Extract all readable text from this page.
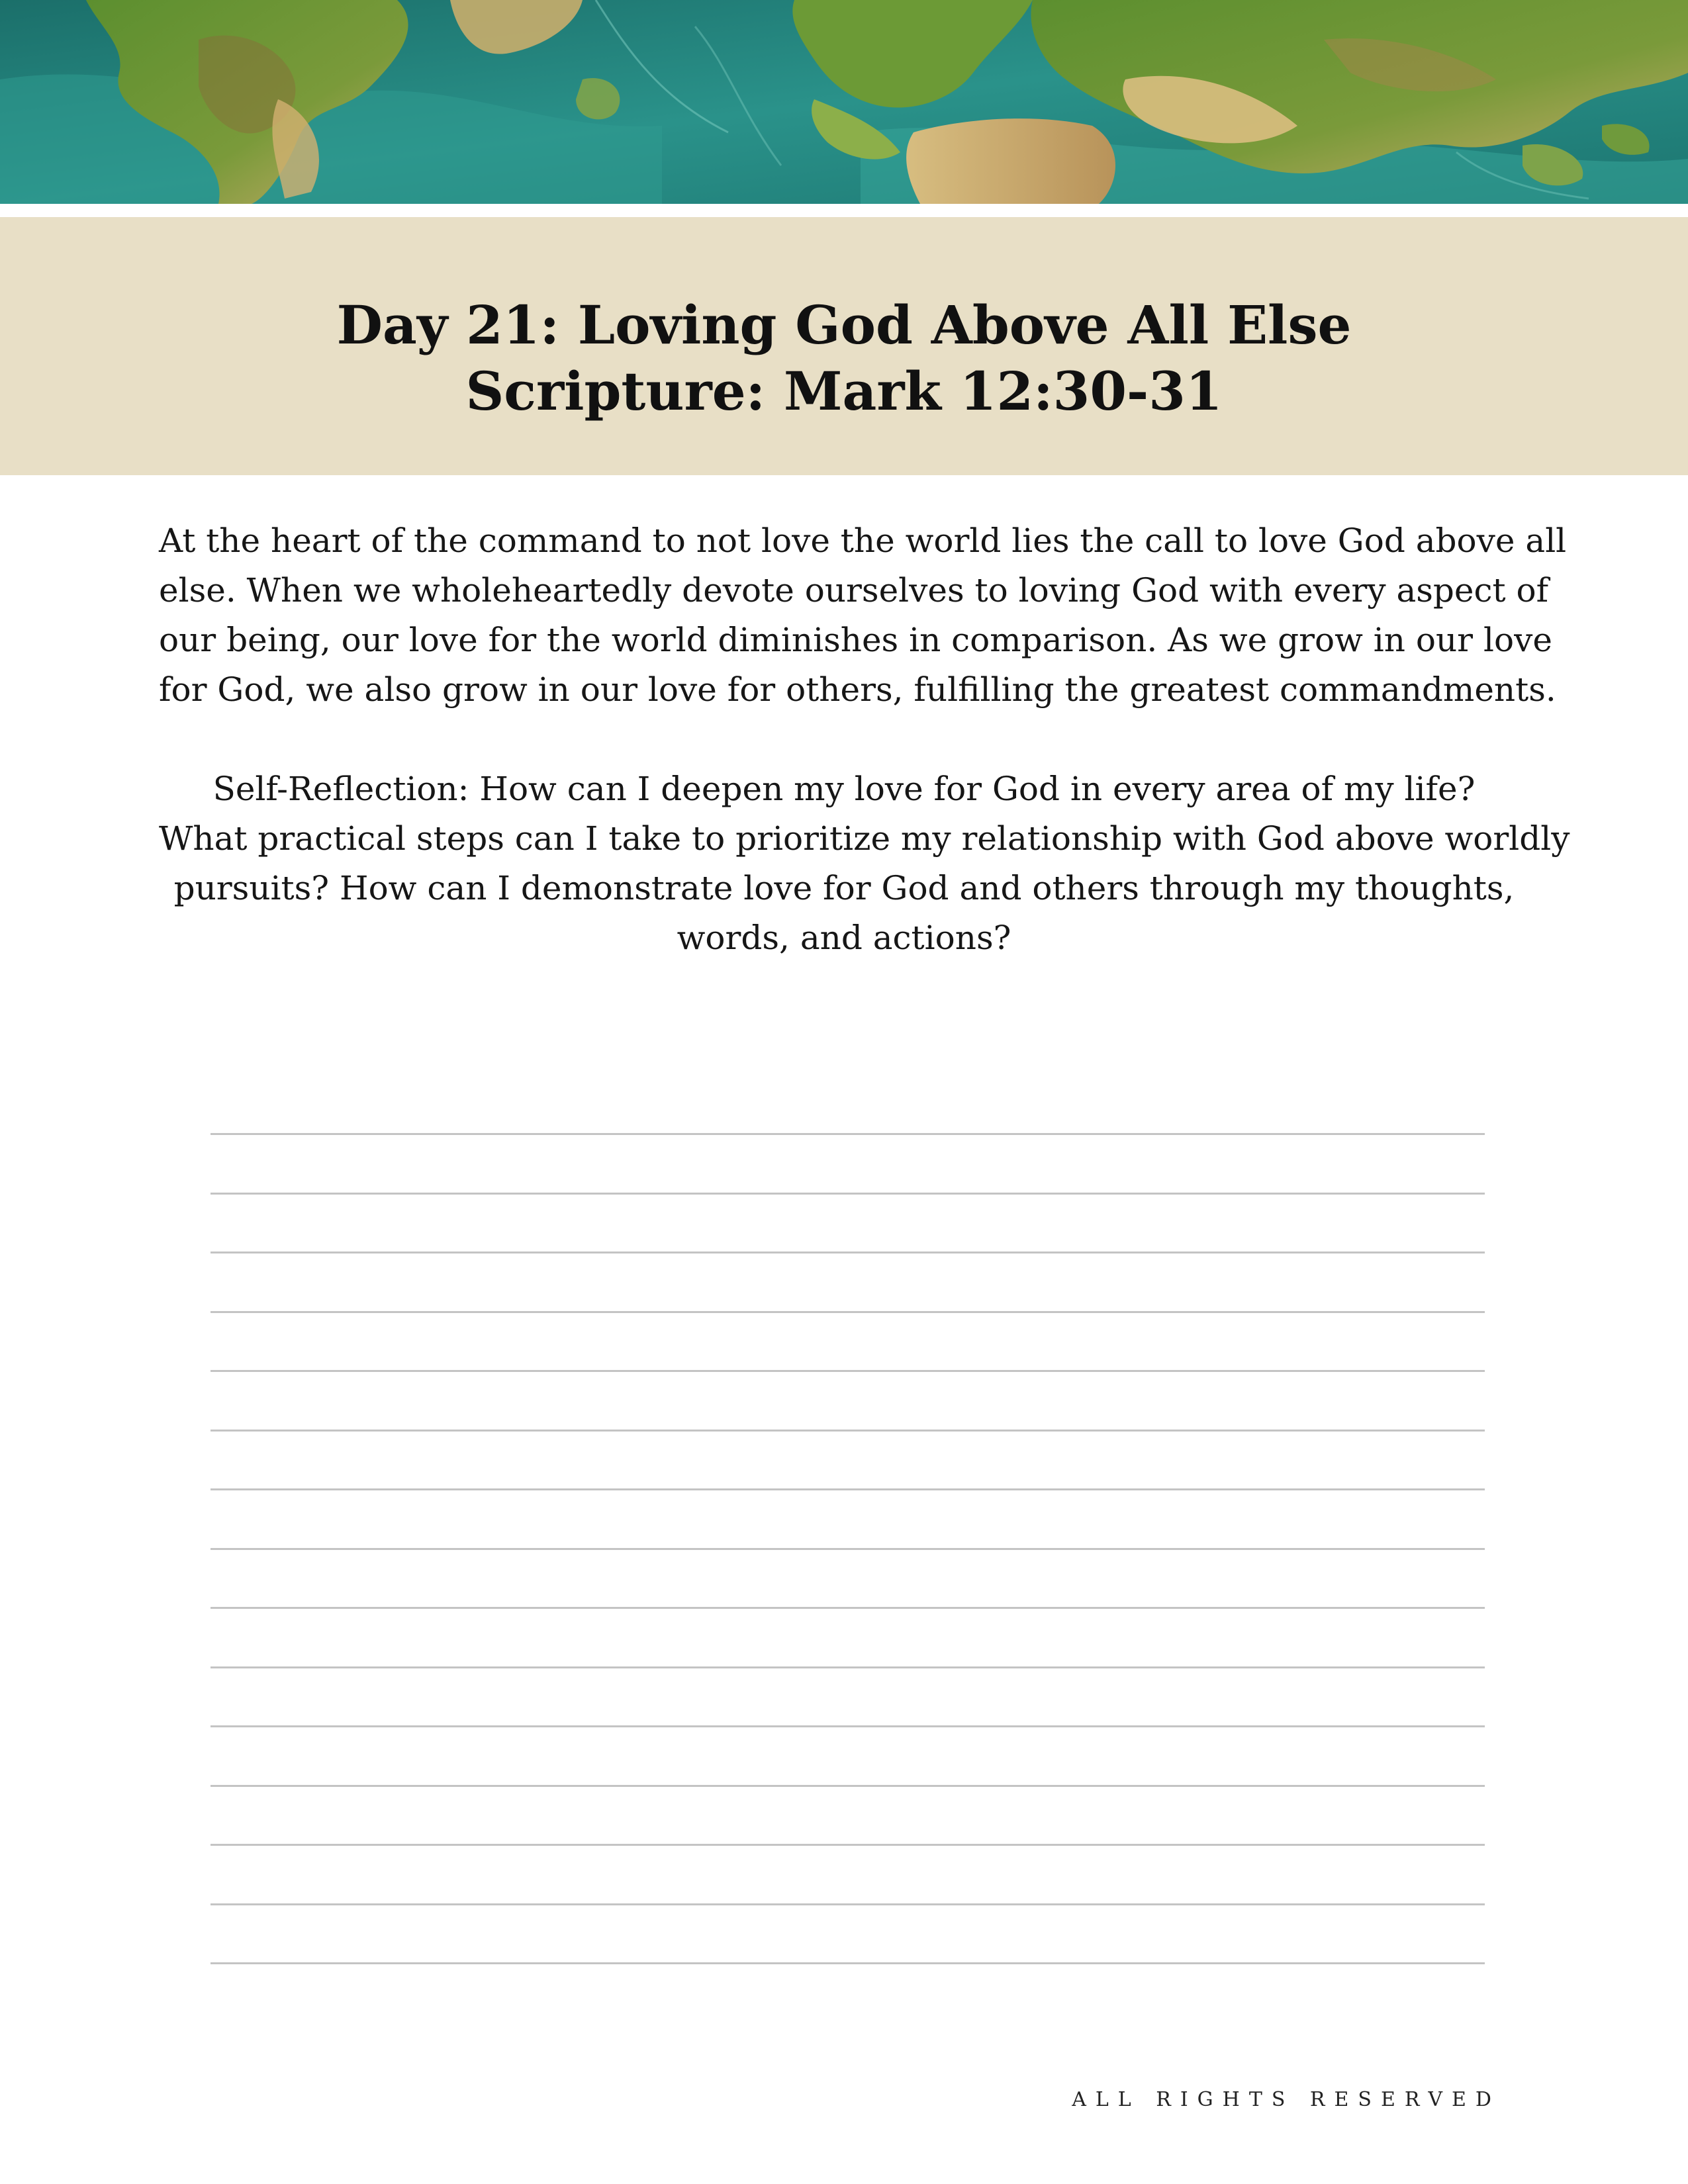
Day 21: Loving God Above All Else
Scripture: Mark 12:30-31
At the heart of the command to not love the world lies the call to love God above all
else. When we wholeheartedly devote ourselves to loving God with every aspect of
our being, our love for the world diminishes in comparison. As we grow in our love
for God, we also grow in our love for others, fulfilling the greatest commandments.
Self-Reflection: How can I deepen my love for God in every area of my life?
What practical steps can I take to prioritize my relationship with God above worldly
pursuits? How can I demonstrate love for God and others through my thoughts,
words, and actions?
ALL RIGHTS RESERVED
